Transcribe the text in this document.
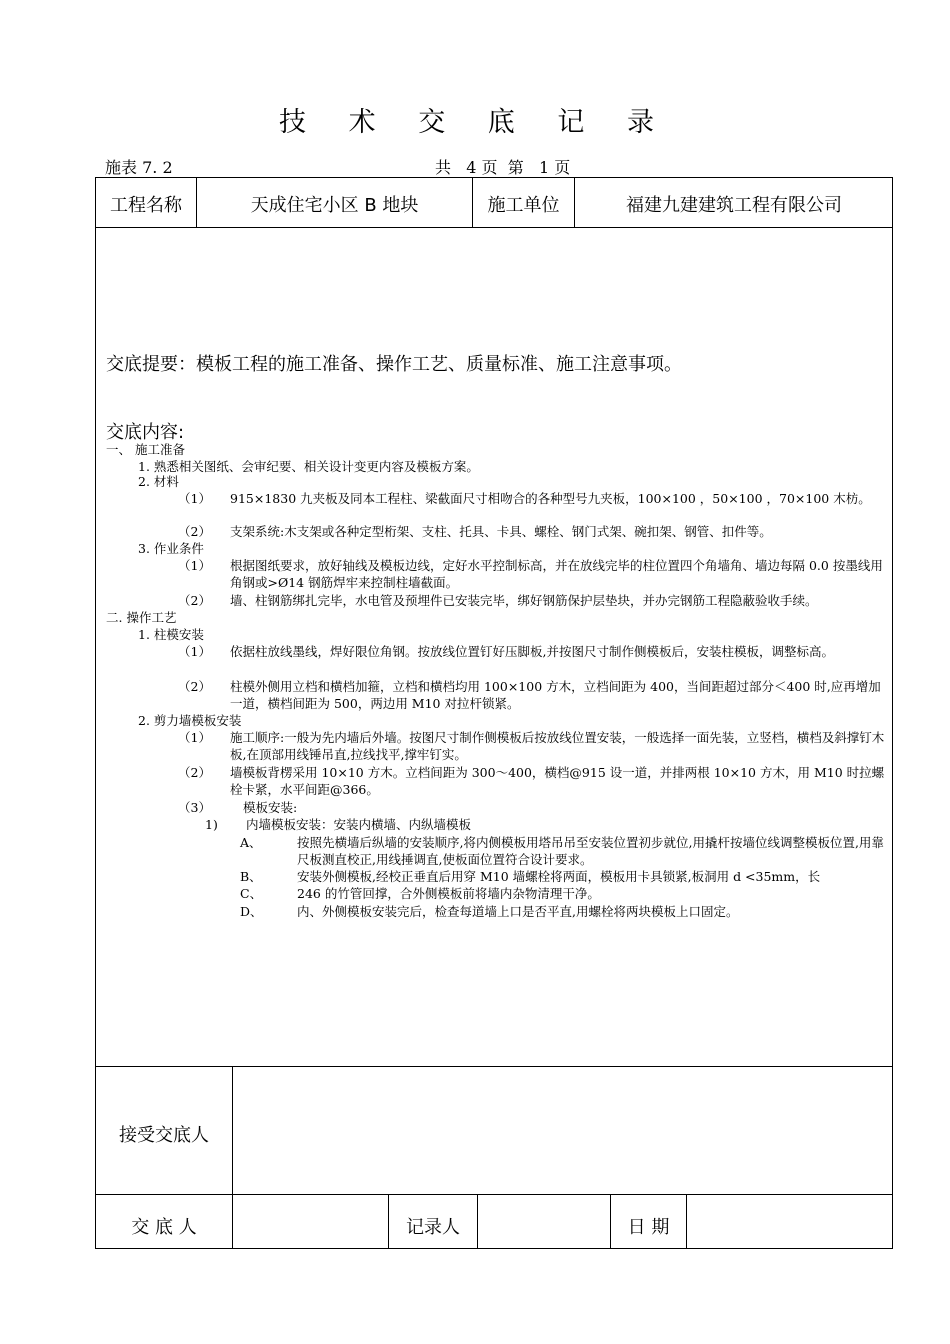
技 术 交 底 记 录
施表 7. 2	共   4 页  第   1 页
工程名称	天成住宅小区 B 地块	施工单位	福建九建建筑工程有限公司
交底提要：模板工程的施工准备、操作工艺、质量标准、施工注意事项。
交底内容:
一、 施工准备
1. 熟悉相关图纸、会审纪要、相关设计变更内容及模板方案。
2. 材料
（1） 915×1830 九夹板及同本工程柱、梁截面尺寸相吻合的各种型号九夹板，100×100 ，50×100 ，70×100 木枋。
（2） 支架系统:木支架或各种定型桁架、支柱、托具、卡具、螺栓、钢门式架、碗扣架、钢管、扣件等。
3. 作业条件
（1） 根据图纸要求，放好轴线及模板边线，定好水平控制标高，并在放线完毕的柱位置四个角墙角、墙边每隔 0.0 按墨线用角钢或>Ø14 钢筋焊牢来控制柱墙截面。
（2） 墙、柱钢筋绑扎完毕，水电管及预埋件已安装完毕，绑好钢筋保护层垫块，并办完钢筋工程隐蔽验收手续。
二. 操作工艺
1. 柱模安装
（1） 依据柱放线墨线，焊好限位角钢。按放线位置钉好压脚板,并按图尺寸制作侧模板后，安装柱模板，调整标高。
（2） 柱模外侧用立档和横档加箍，立档和横档均用 100×100 方木，立档间距为 400，当间距超过部分＜400 时,应再增加一道，横档间距为 500，两边用 M10 对拉杆锁紧。
2. 剪力墙模板安装
（1） 施工顺序:一般为先内墙后外墙。按图尺寸制作侧模板后按放线位置安装，一般选择一面先装，立竖档，横档及斜撑钉木板,在顶部用线锤吊直,拉线找平,撑牢钉实。
（2） 墙模板背楞采用 10×10 方木。立档间距为 300～400，横档@915 设一道，并排两根 10×10 方木，用 M10 时拉螺栓卡紧，水平间距@366。
（3）	模板安装:
1) 内墙模板安装：安装内横墙、内纵墙模板
A、	按照先横墙后纵墙的安装顺序,将内侧模板用塔吊吊至安装位置初步就位,用撬杆按墙位线调整模板位置,用靠尺板测直校正,用线捶调直,使板面位置符合设计要求。
B、	安装外侧模板,经校正垂直后用穿 M10 墙螺栓将两面，模板用卡具锁紧,板洞用 d <35mm，长
C、	246 的竹管回撑，合外侧模板前将墙内杂物清理干净。
D、	内、外侧模板安装完后，检查每道墙上口是否平直,用螺栓将两块模板上口固定。
接受交底人
交 底 人	记录人	日 期
